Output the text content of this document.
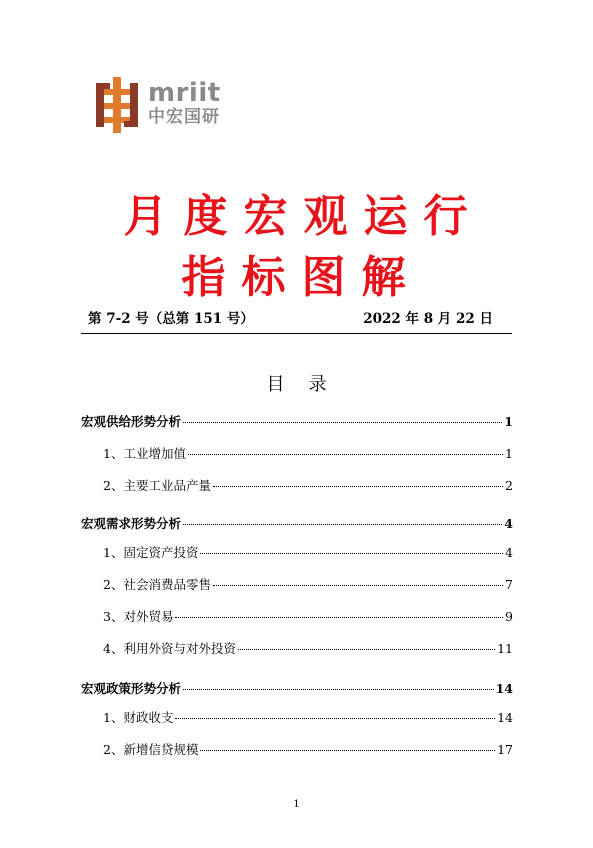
mriit
中宏国研
月度宏观运行
指标图解
第 7-2 号（总第 151 号）	2022 年 8 月 22 日
目录
宏观供给形势分析	1
1、工业增加值	1
2、主要工业品产量	2
宏观需求形势分析	4
1、固定资产投资	4
2、社会消费品零售	7
3、对外贸易	9
4、利用外资与对外投资	11
宏观政策形势分析	14
1、财政收支	14
2、新增信贷规模	17
1
